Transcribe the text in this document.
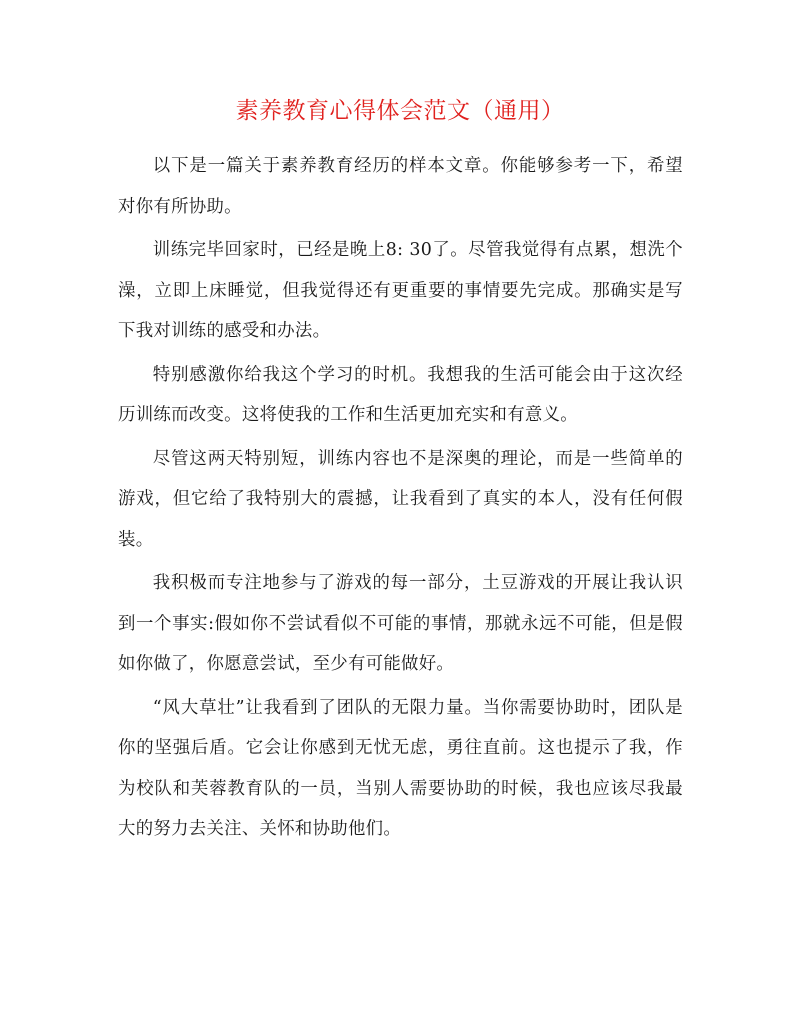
素养教育心得体会范文（通用）

以下是一篇关于素养教育经历的样本文章。你能够参考一下，希望对你有所协助。

训练完毕回家时，已经是晚上8: 30了。尽管我觉得有点累，想洗个澡，立即上床睡觉，但我觉得还有更重要的事情要先完成。那确实是写下我对训练的感受和办法。

特别感激你给我这个学习的时机。我想我的生活可能会由于这次经历训练而改变。这将使我的工作和生活更加充实和有意义。

尽管这两天特别短，训练内容也不是深奥的理论，而是一些简单的游戏，但它给了我特别大的震撼，让我看到了真实的本人，没有任何假装。

我积极而专注地参与了游戏的每一部分，土豆游戏的开展让我认识到一个事实:假如你不尝试看似不可能的事情，那就永远不可能，但是假如你做了，你愿意尝试，至少有可能做好。

“风大草壮”让我看到了团队的无限力量。当你需要协助时，团队是你的坚强后盾。它会让你感到无忧无虑，勇往直前。这也提示了我，作为校队和芙蓉教育队的一员，当别人需要协助的时候，我也应该尽我最大的努力去关注、关怀和协助他们。
